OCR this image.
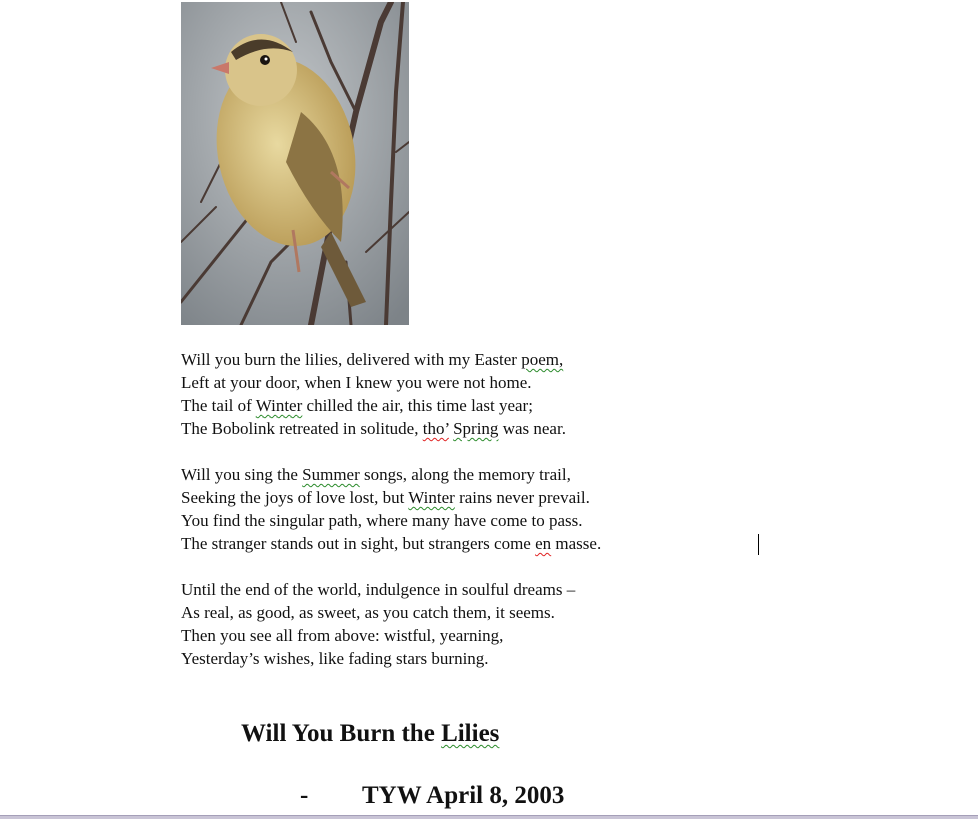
Will you burn the lilies, delivered with my Easter poem,
Left at your door, when I knew you were not home.
The tail of Winter chilled the air, this time last year;
The Bobolink retreated in solitude, tho’ Spring was near.
Will you sing the Summer songs, along the memory trail,
Seeking the joys of love lost, but Winter rains never prevail.
You find the singular path, where many have come to pass.
The stranger stands out in sight, but strangers come en masse.
Until the end of the world, indulgence in soulful dreams –
As real, as good, as sweet, as you catch them, it seems.
Then you see all from above: wistful, yearning,
Yesterday’s wishes, like fading stars burning.
Will You Burn the Lilies
- TYW April 8, 2003
